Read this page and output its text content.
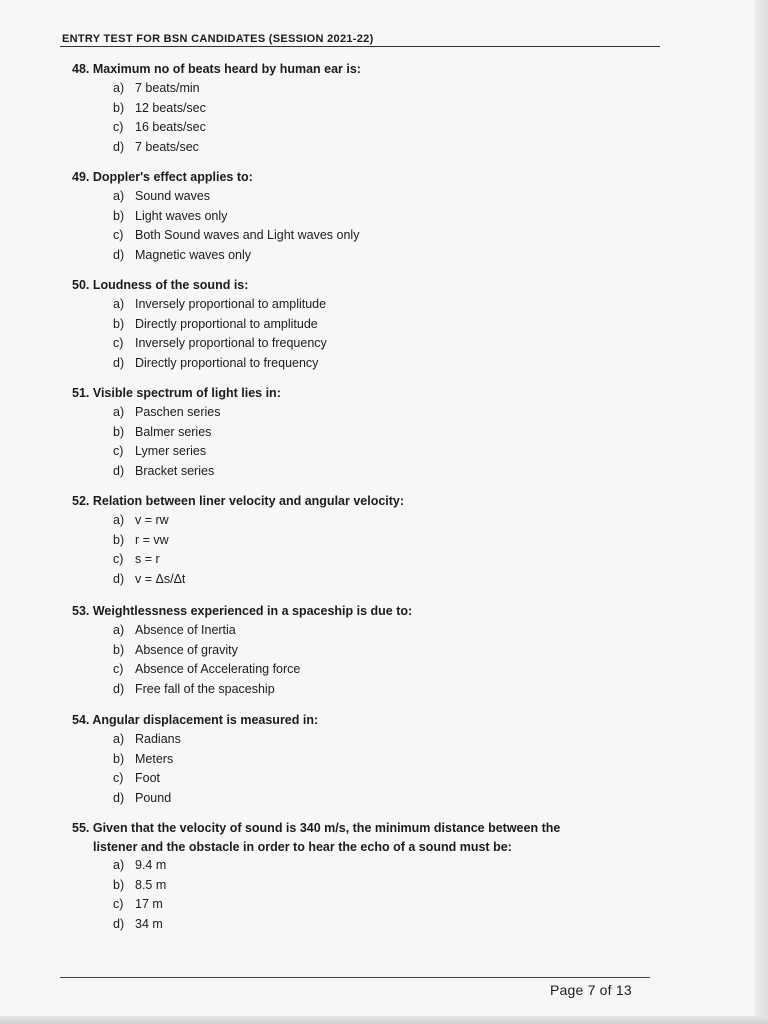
ENTRY TEST FOR BSN CANDIDATES (SESSION 2021-22)

48. Maximum no of beats heard by human ear is:

a) 7 beats/min
b) 12 beats/sec
c) 16 beats/sec
d) 7 beats/sec

49. Doppler's effect applies to:

a) Sound waves
b) Light waves only
c) Both Sound waves and Light waves only
d) Magnetic waves only

50. Loudness of the sound is:

a) Inversely proportional to amplitude
b) Directly proportional to amplitude
c) Inversely proportional to frequency
d) Directly proportional to frequency

51. Visible spectrum of light lies in:

a) Paschen series
b) Balmer series
c) Lymer series
d) Bracket series

52. Relation between liner velocity and angular velocity:

a) v = rw
b) r = vw
c) s = r
d) v = Δs/Δt

53. Weightlessness experienced in a spaceship is due to:

a) Absence of Inertia
b) Absence of gravity
c) Absence of Accelerating force
d) Free fall of the spaceship

54. Angular displacement is measured in:

a) Radians
b) Meters
c) Foot
d) Pound

55. Given that the velocity of sound is 340 m/s, the minimum distance between the
listener and the obstacle in order to hear the echo of a sound must be:

a) 9.4 m
b) 8.5 m
c) 17 m
d) 34 m
Page 7 of 13
